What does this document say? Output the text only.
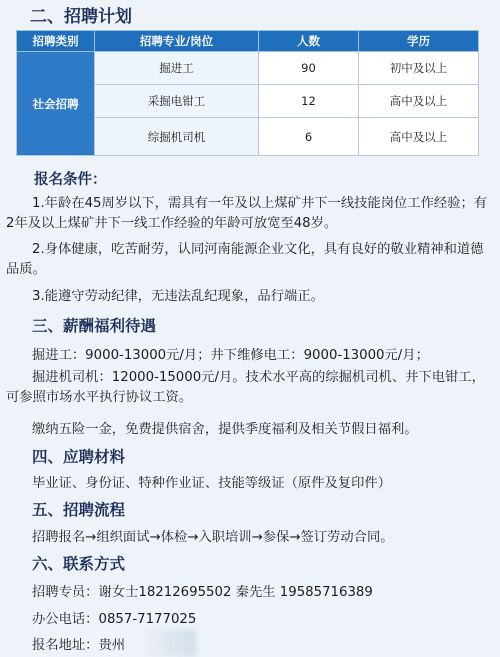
二、招聘计划
招聘类别	招聘专业/岗位	人数	学历
社会招聘	掘进工	90	初中及以上
	采掘电钳工	12	高中及以上
	综掘机司机	6	高中及以上
报名条件：
1.年龄在45周岁以下，需具有一年及以上煤矿井下一线技能岗位工作经验；有2年及以上煤矿井下一线工作经验的年龄可放宽至48岁。
2.身体健康，吃苦耐劳，认同河南能源企业文化，具有良好的敬业精神和道德品质。
3.能遵守劳动纪律，无违法乱纪现象，品行端正。
三、薪酬福利待遇
掘进工：9000-13000元/月；井下维修电工：9000-13000元/月；
掘进机司机：12000-15000元/月。技术水平高的综掘机司机、井下电钳工，可参照市场水平执行协议工资。
缴纳五险一金，免费提供宿舍，提供季度福利及相关节假日福利。
四、应聘材料
毕业证、身份证、特种作业证、技能等级证（原件及复印件）
五、招聘流程
招聘报名→组织面试→体检→入职培训→参保→签订劳动合同。
六、联系方式
招聘专员：谢女士18212695502 秦先生 19585716389
办公电话：0857-7177025
报名地址：贵州
